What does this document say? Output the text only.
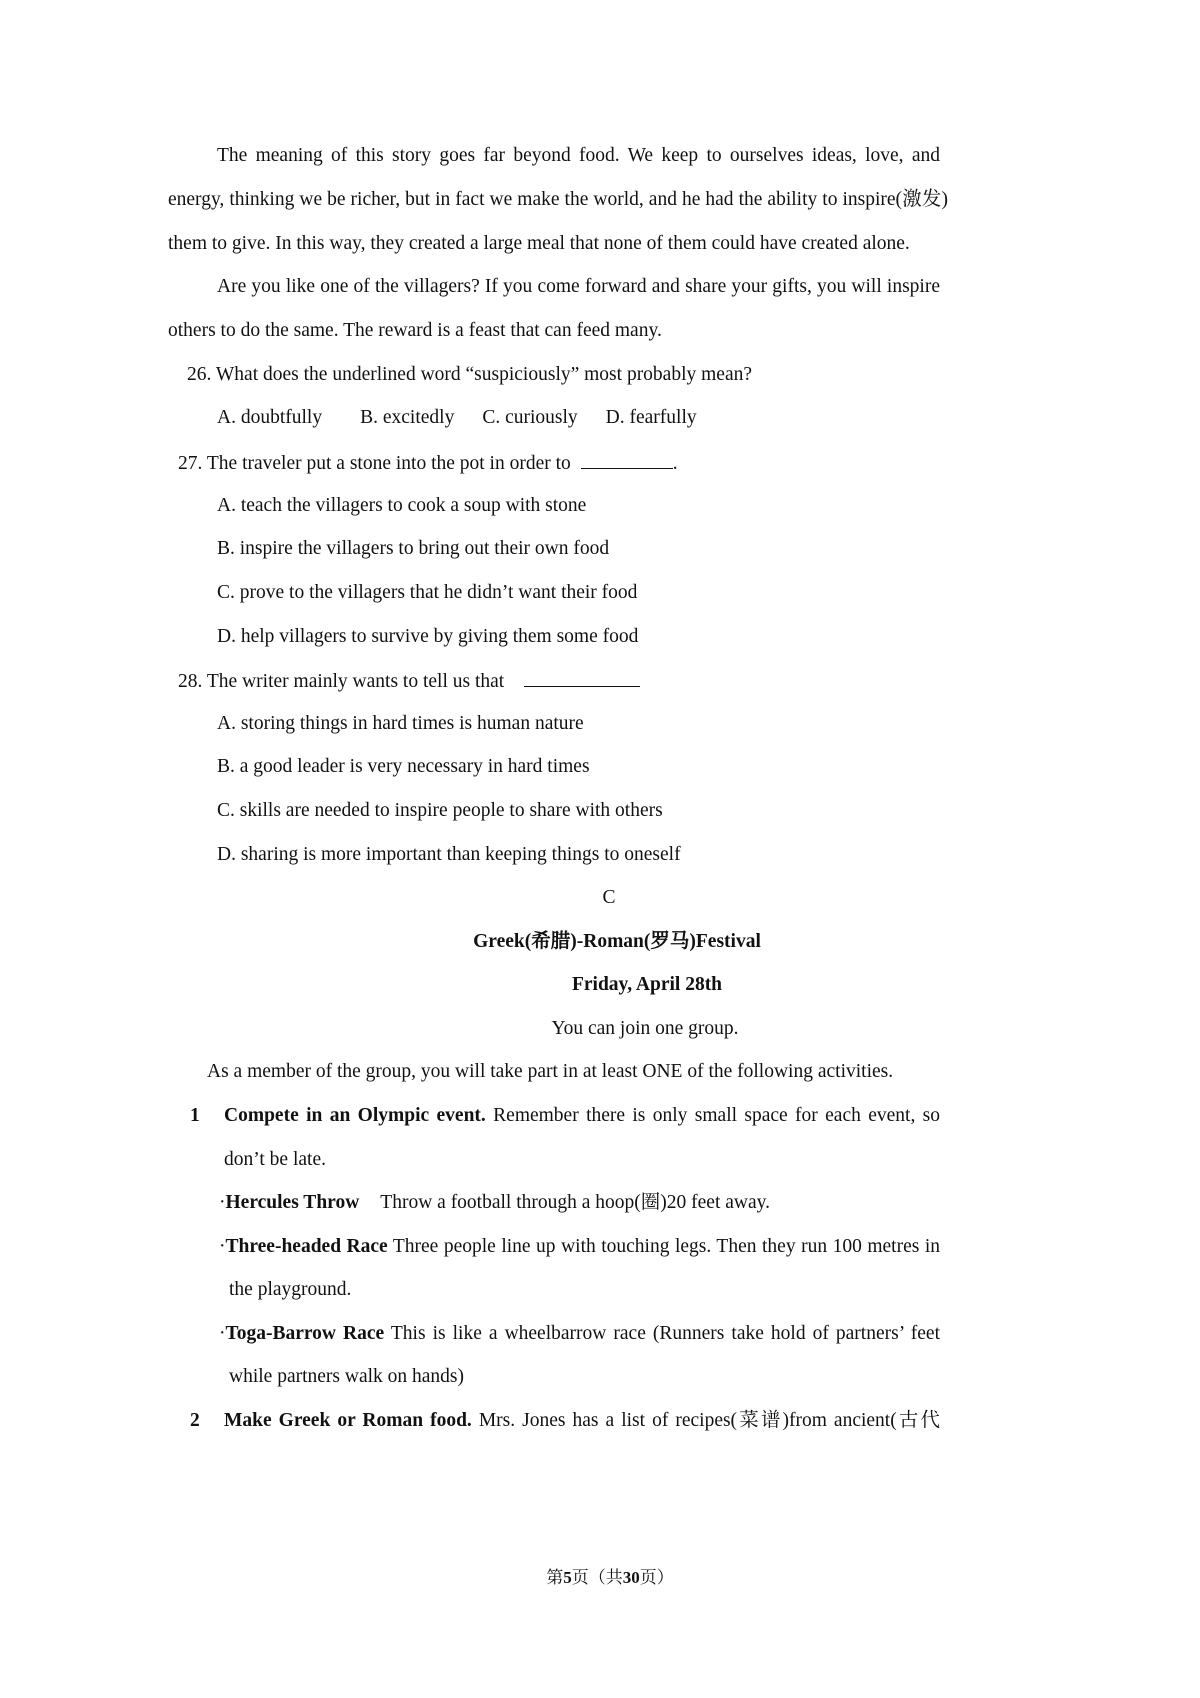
The meaning of this story goes far beyond food. We keep to ourselves ideas, love, and
energy, thinking we be richer, but in fact we make the world, and he had the ability to inspire(激发)
them to give. In this way, they created a large meal that none of them could have created alone.
Are you like one of the villagers? If you come forward and share your gifts, you will inspire
others to do the same. The reward is a feast that can feed many.
26. What does the underlined word “suspiciously” most probably mean?
A. doubtfully B. excitedly C. curiously D. fearfully
27. The traveler put a stone into the pot in order to	.
A. teach the villagers to cook a soup with stone
B. inspire the villagers to bring out their own food
C. prove to the villagers that he didn’t want their food
D. help villagers to survive by giving them some food
28. The writer mainly wants to tell us that
A. storing things in hard times is human nature
B. a good leader is very necessary in hard times
C. skills are needed to inspire people to share with others
D. sharing is more important than keeping things to oneself
C
Greek(希腊)-Roman(罗马)Festival
Friday, April 28th
You can join one group.
As a member of the group, you will take part in at least ONE of the following activities.
1 Compete in an Olympic event. Remember there is only small space for each event, so
don’t be late.
·Hercules Throw Throw a football through a hoop(圈)20 feet away.
·Three-headed Race Three people line up with touching legs. Then they run 100 metres in
the playground.
·Toga-Barrow Race This is like a wheelbarrow race (Runners take hold of partners’ feet
while partners walk on hands)
2 Make Greek or Roman food. Mrs. Jones has a list of recipes(菜谱)from ancient(古代
第5页（共30页）
